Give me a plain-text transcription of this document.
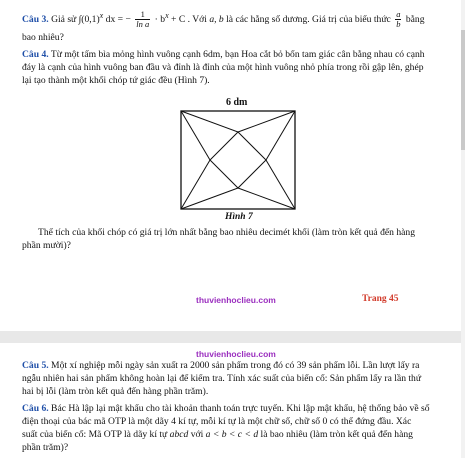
Câu 3. Giả sử $\int(0,1)^x$ dx = − $\frac{1}{\text{ln a}} \cdot b^x + C$ . Với a, b là các hằng số dương. Giá trị của biểu thức $\frac{a}{b}$ bằng
bao nhiêu?
Câu 4. Từ một tấm bìa mỏng hình vuông cạnh 6dm, bạn Hoa cắt bỏ bốn tam giác cân bằng nhau có cạnh
đáy là cạnh của hình vuông ban đầu và đỉnh là đỉnh của một hình vuông nhỏ phía trong rồi gập lên, ghép
lại tạo thành một khối chóp tứ giác đều (Hình 7).
6 dm
Hình 7
Thể tích của khối chóp có giá trị lớn nhất bằng bao nhiêu decimét khối (làm tròn kết quả đến hàng
phần mười)?
thuvienhoclieu.com	Trang 45
thuvienhoclieu.com
Câu 5. Một xí nghiệp mỗi ngày sản xuất ra 2000 sản phẩm trong đó có 39 sản phẩm lỗi. Lần lượt lấy ra
ngẫu nhiên hai sản phẩm không hoàn lại để kiểm tra. Tính xác suất của biến cố: Sản phẩm lấy ra lần thứ
hai bị lỗi (làm tròn kết quả đến hàng phần trăm).
Câu 6. Bác Hà lập lại mật khẩu cho tài khoản thanh toán trực tuyến. Khi lập mật khẩu, hệ thống bảo về số
điện thoại của bác mã OTP là một dãy 4 kí tự, mỗi kí tự là một chữ số, chữ số 0 có thể đứng đầu. Xác
suất của biến cố: Mã OTP là dãy kí tự abcd với a < b < c < d là bao nhiêu (làm tròn kết quả đến hàng
phần trăm)?
